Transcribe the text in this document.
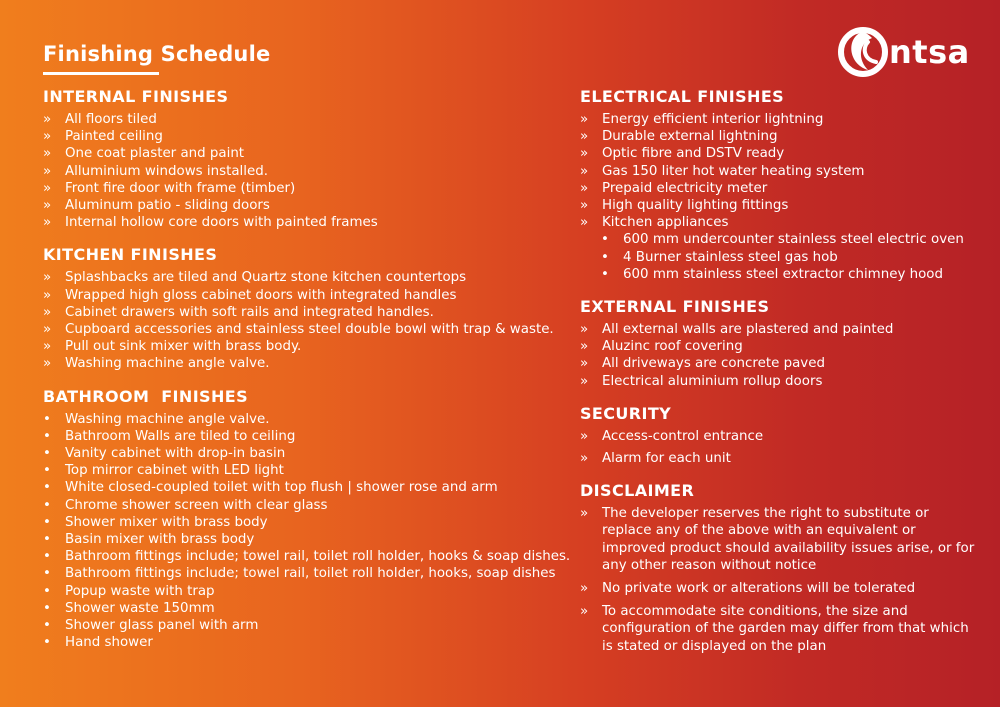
Finishing Schedule	ntsa
INTERNAL FINISHES
» All floors tiled
» Painted ceiling
» One coat plaster and paint
» Alluminium windows installed.
» Front fire door with frame (timber)
» Aluminum patio - sliding doors
» Internal hollow core doors with painted frames
KITCHEN FINISHES
» Splashbacks are tiled and Quartz stone kitchen countertops
» Wrapped high gloss cabinet doors with integrated handles
» Cabinet drawers with soft rails and integrated handles.
» Cupboard accessories and stainless steel double bowl with trap & waste.
» Pull out sink mixer with brass body.
» Washing machine angle valve.
BATHROOM  FINISHES
• Washing machine angle valve.
• Bathroom Walls are tiled to ceiling
• Vanity cabinet with drop-in basin
• Top mirror cabinet with LED light
• White closed-coupled toilet with top flush | shower rose and arm
• Chrome shower screen with clear glass
• Shower mixer with brass body
• Basin mixer with brass body
• Bathroom fittings include; towel rail, toilet roll holder, hooks & soap dishes.
• Bathroom fittings include; towel rail, toilet roll holder, hooks, soap dishes
• Popup waste with trap
• Shower waste 150mm
• Shower glass panel with arm
• Hand shower
ELECTRICAL FINISHES
» Energy efficient interior lightning
» Durable external lightning
» Optic fibre and DSTV ready
» Gas 150 liter hot water heating system
» Prepaid electricity meter
» High quality lighting fittings
» Kitchen appliances
• 600 mm undercounter stainless steel electric oven
• 4 Burner stainless steel gas hob
• 600 mm stainless steel extractor chimney hood
EXTERNAL FINISHES
» All external walls are plastered and painted
» Aluzinc roof covering
» All driveways are concrete paved
» Electrical aluminium rollup doors
SECURITY
» Access-control entrance
» Alarm for each unit
DISCLAIMER
» The developer reserves the right to substitute or replace any of the above with an equivalent or improved product should availability issues arise, or for any other reason without notice
» No private work or alterations will be tolerated
» To accommodate site conditions, the size and configuration of the garden may differ from that which is stated or displayed on the plan
